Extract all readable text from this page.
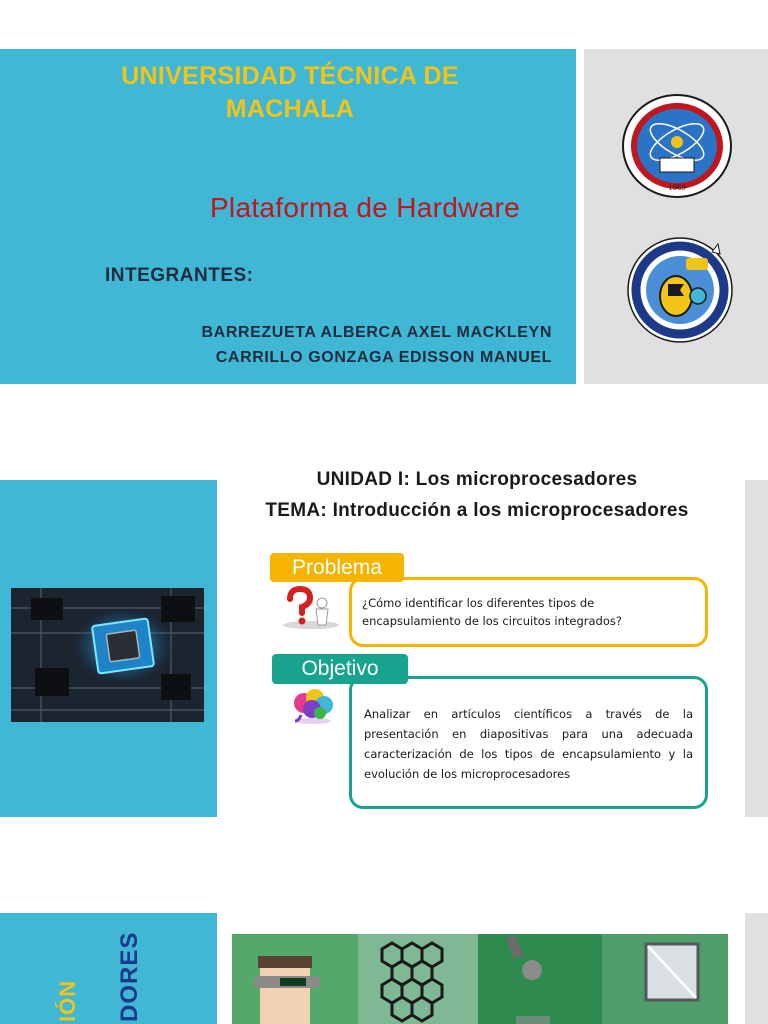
UNIVERSIDAD TÉCNICA DE MACHALA
Plataforma de Hardware
INTEGRANTES:
BARREZUETA ALBERCA AXEL MACKLEYN
CARRILLO GONZAGA EDISSON MANUEL
1969
UNIDAD I: Los microprocesadores
TEMA: Introducción a los microprocesadores
¿Cómo identificar los diferentes tipos de encapsulamiento de los circuitos integrados?
Problema
Analizar en artículos científicos a través de la presentación en diapositivas para una adecuada caracterización de los tipos de encapsulamiento y la evolución de los microprocesadores
Objetivo
DORES
IÓN
